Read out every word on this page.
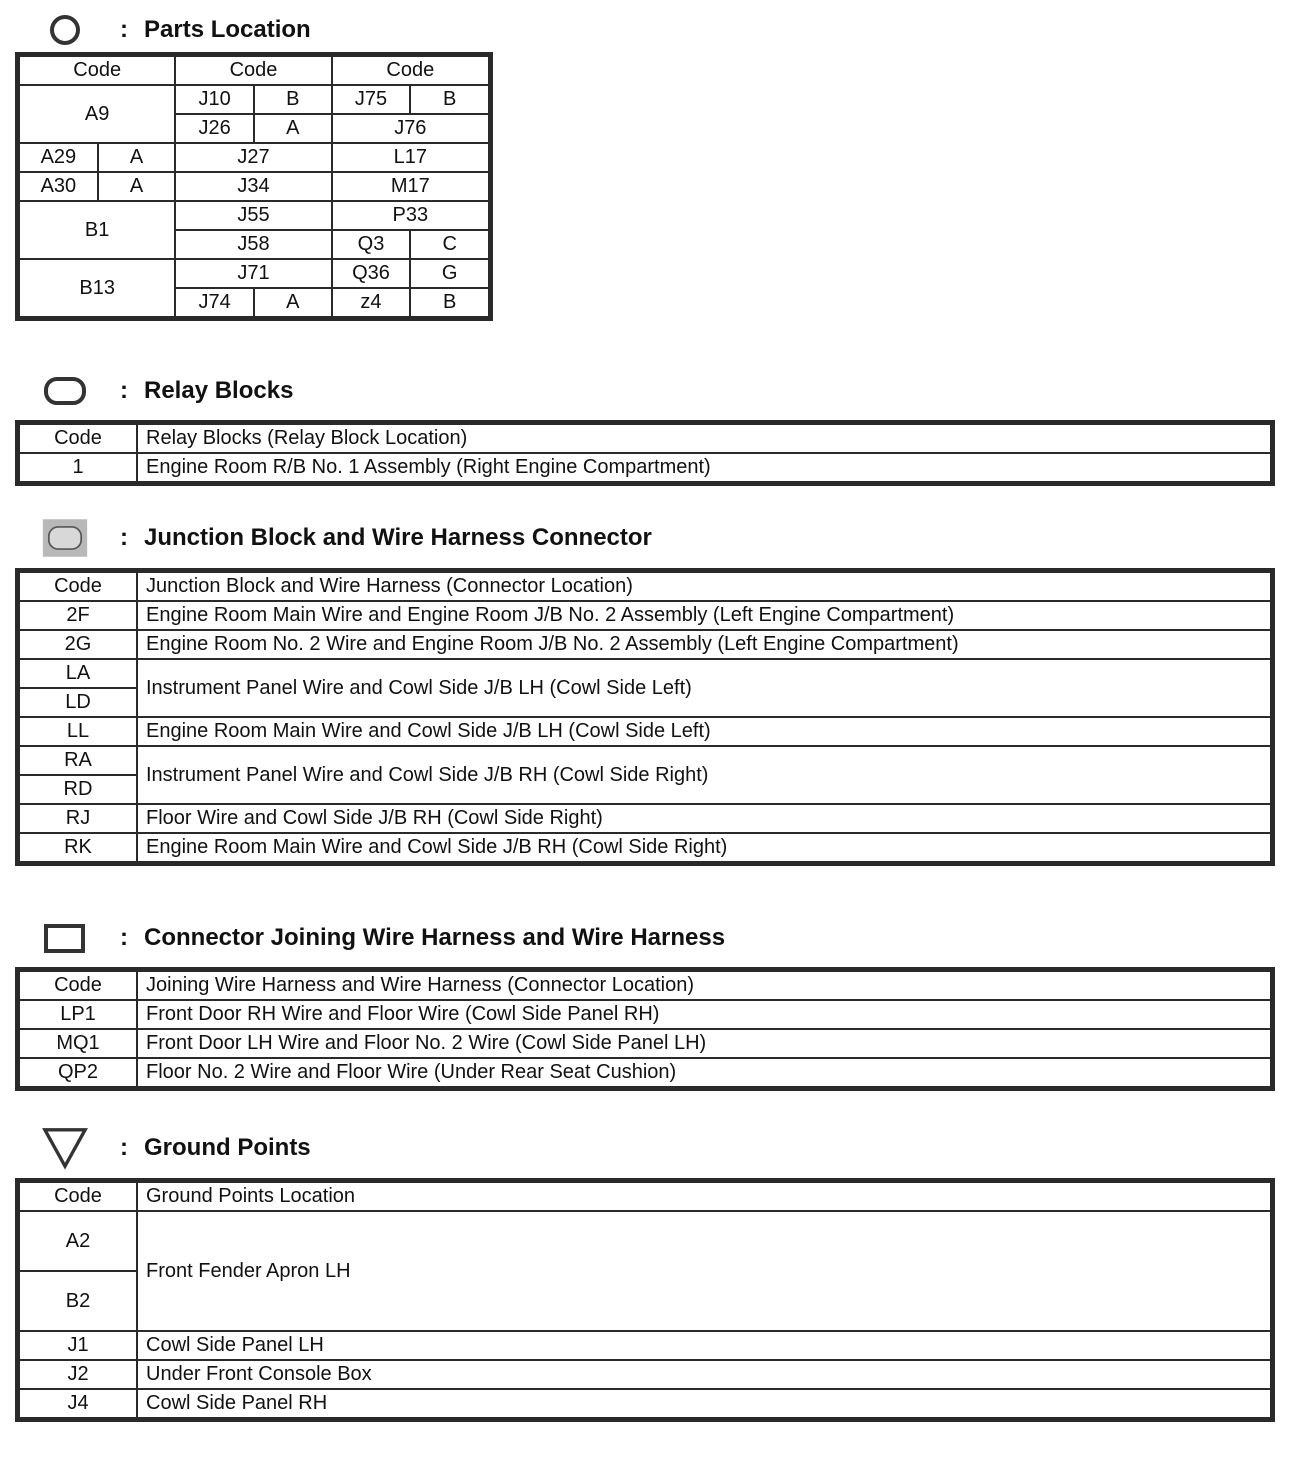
: Parts Location
Code		Code		Code	
A9		J10	B	J75	B
		J26	A	J76	
A29	A	J27		L17	
A30	A	J34		M17	
B1		J55		P33	
		J58		Q3	C
B13		J71		Q36	G
		J74	A	z4	B
: Relay Blocks
Code	Relay Blocks (Relay Block Location)
1	Engine Room R/B No. 1 Assembly (Right Engine Compartment)
: Junction Block and Wire Harness Connector
Code	Junction Block and Wire Harness (Connector Location)
2F	Engine Room Main Wire and Engine Room J/B No. 2 Assembly (Left Engine Compartment)
2G	Engine Room No. 2 Wire and Engine Room J/B No. 2 Assembly (Left Engine Compartment)
LA	Instrument Panel Wire and Cowl Side J/B LH (Cowl Side Left)
LD	
LL	Engine Room Main Wire and Cowl Side J/B LH (Cowl Side Left)
RA	Instrument Panel Wire and Cowl Side J/B RH (Cowl Side Right)
RD	
RJ	Floor Wire and Cowl Side J/B RH (Cowl Side Right)
RK	Engine Room Main Wire and Cowl Side J/B RH (Cowl Side Right)
: Connector Joining Wire Harness and Wire Harness
Code	Joining Wire Harness and Wire Harness (Connector Location)
LP1	Front Door RH Wire and Floor Wire (Cowl Side Panel RH)
MQ1	Front Door LH Wire and Floor No. 2 Wire (Cowl Side Panel LH)
QP2	Floor No. 2 Wire and Floor Wire (Under Rear Seat Cushion)
: Ground Points
Code	Ground Points Location
A2	Front Fender Apron LH
B2	
J1	Cowl Side Panel LH
J2	Under Front Console Box
J4	Cowl Side Panel RH
